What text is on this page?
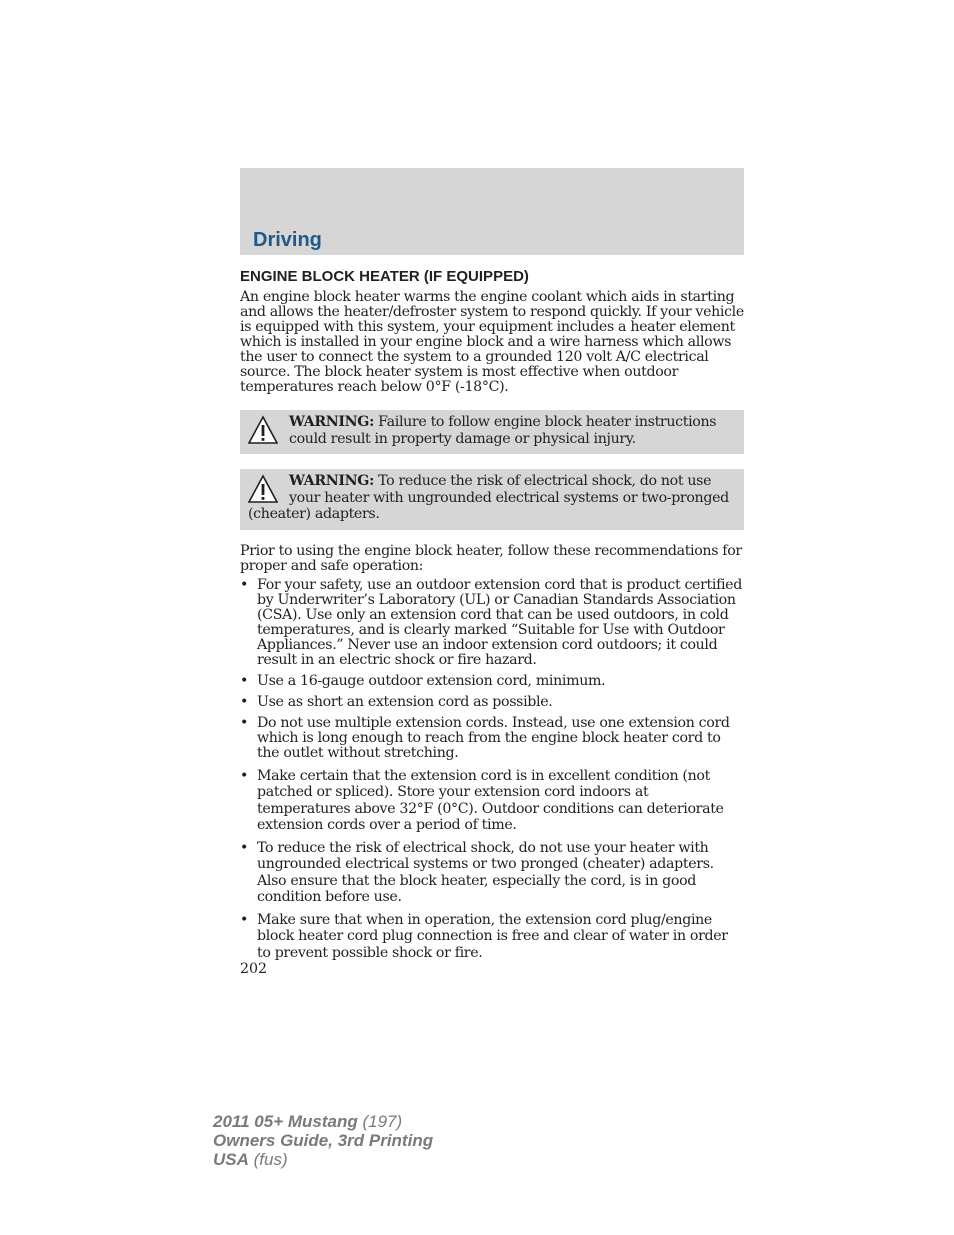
Driving
ENGINE BLOCK HEATER (IF EQUIPPED)

An engine block heater warms the engine coolant which aids in starting and allows the heater/defroster system to respond quickly. If your vehicle is equipped with this system, your equipment includes a heater element which is installed in your engine block and a wire harness which allows the user to connect the system to a grounded 120 volt A/C electrical source. The block heater system is most effective when outdoor temperatures reach below 0°F (-18°C).

WARNING: Failure to follow engine block heater instructions could result in property damage or physical injury.
WARNING: To reduce the risk of electrical shock, do not use your heater with ungrounded electrical systems or two-pronged (cheater) adapters.

Prior to using the engine block heater, follow these recommendations for proper and safe operation:

• For your safety, use an outdoor extension cord that is product certified by Underwriter’s Laboratory (UL) or Canadian Standards Association (CSA). Use only an extension cord that can be used outdoors, in cold temperatures, and is clearly marked “Suitable for Use with Outdoor Appliances.” Never use an indoor extension cord outdoors; it could result in an electric shock or fire hazard.
• Use a 16-gauge outdoor extension cord, minimum.
• Use as short an extension cord as possible.
• Do not use multiple extension cords. Instead, use one extension cord which is long enough to reach from the engine block heater cord to the outlet without stretching.
• Make certain that the extension cord is in excellent condition (not patched or spliced). Store your extension cord indoors at temperatures above 32°F (0°C). Outdoor conditions can deteriorate extension cords over a period of time.
• To reduce the risk of electrical shock, do not use your heater with ungrounded electrical systems or two pronged (cheater) adapters. Also ensure that the block heater, especially the cord, is in good condition before use.
• Make sure that when in operation, the extension cord plug/engine block heater cord plug connection is free and clear of water in order to prevent possible shock or fire.
202
2011 05+ Mustang (197)
Owners Guide, 3rd Printing
USA (fus)
